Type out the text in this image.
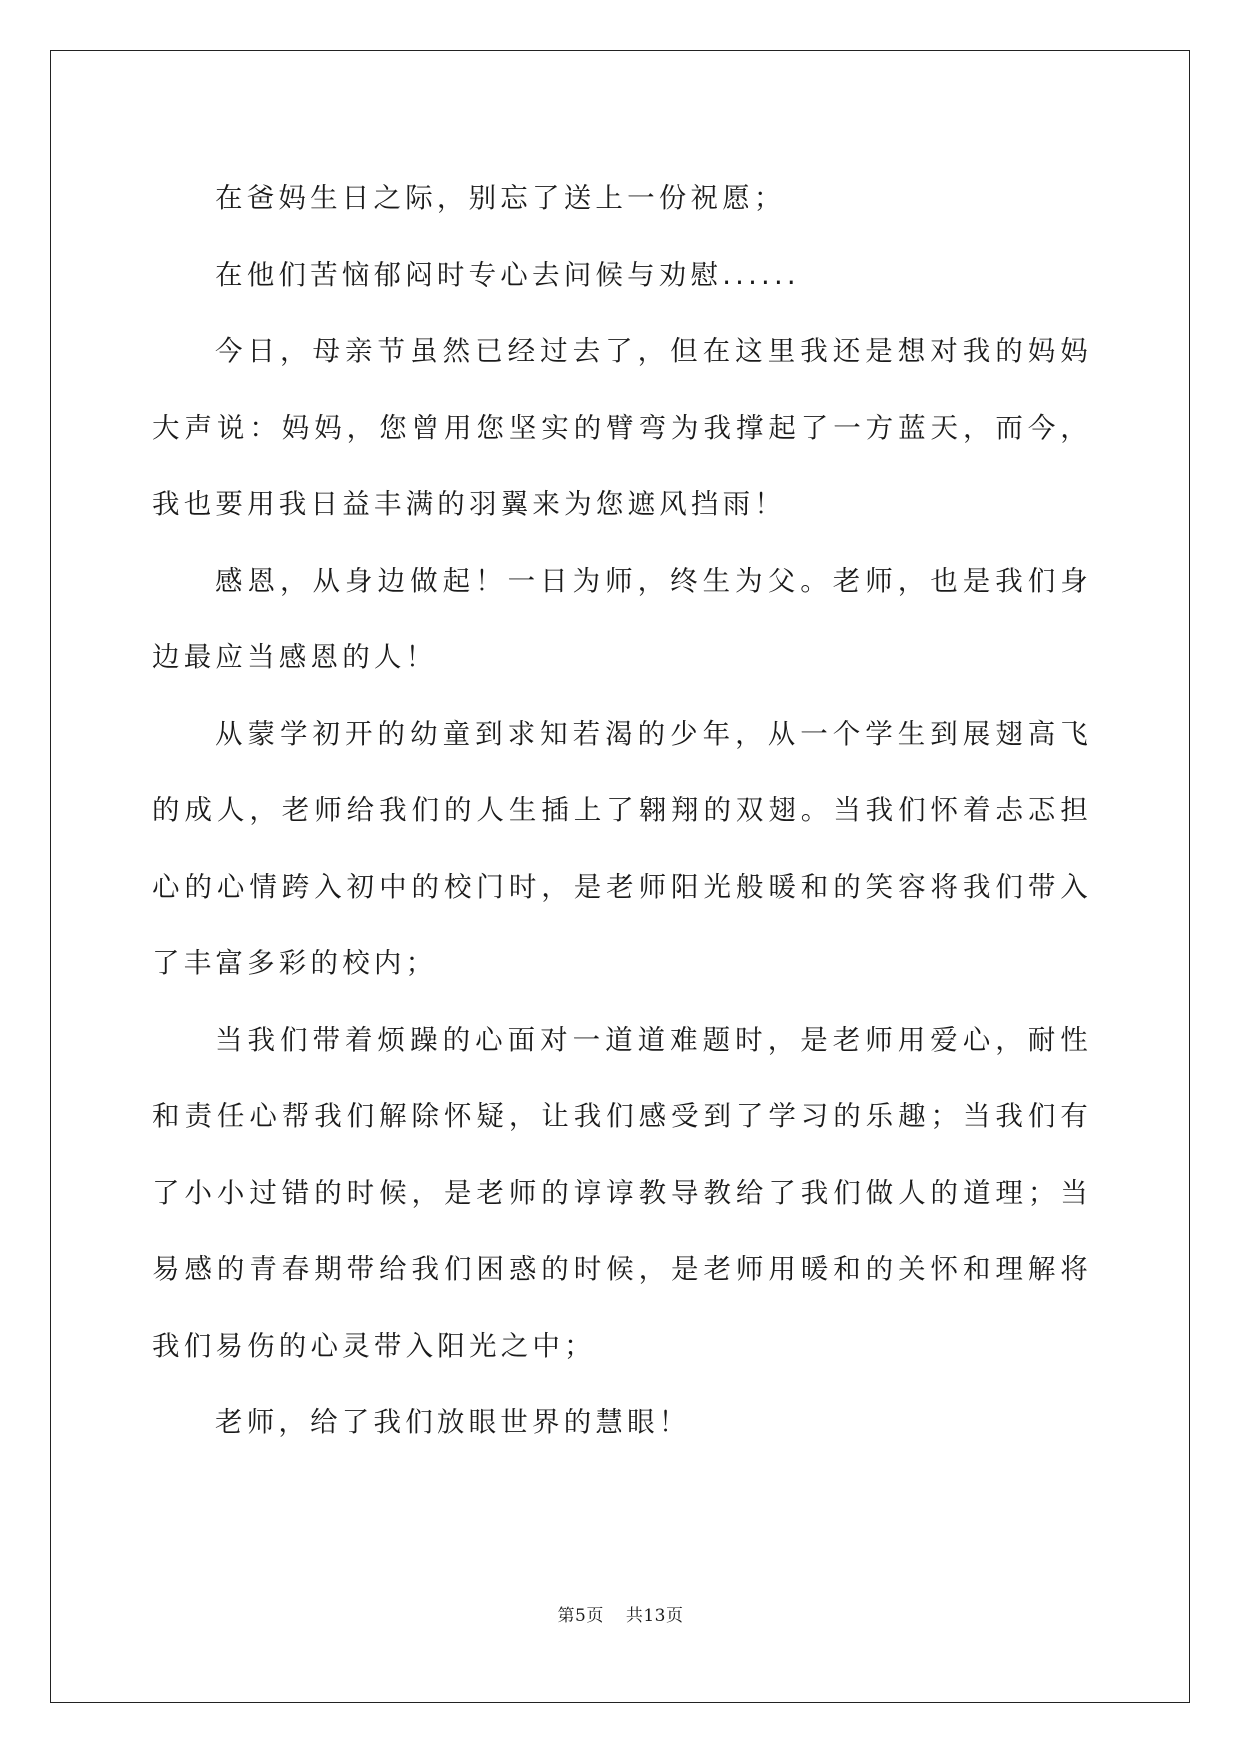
在爸妈生日之际，别忘了送上一份祝愿；

在他们苦恼郁闷时专心去问候与劝慰......

今日，母亲节虽然已经过去了，但在这里我还是想对我的妈妈大声说：妈妈，您曾用您坚实的臂弯为我撑起了一方蓝天，而今，我也要用我日益丰满的羽翼来为您遮风挡雨！

感恩，从身边做起！一日为师，终生为父。老师，也是我们身边最应当感恩的人！

从蒙学初开的幼童到求知若渴的少年，从一个学生到展翅高飞的成人，老师给我们的人生插上了翱翔的双翅。当我们怀着忐忑担心的心情跨入初中的校门时，是老师阳光般暖和的笑容将我们带入了丰富多彩的校内；

当我们带着烦躁的心面对一道道难题时，是老师用爱心，耐性和责任心帮我们解除怀疑，让我们感受到了学习的乐趣；当我们有了小小过错的时候，是老师的谆谆教导教给了我们做人的道理；当易感的青春期带给我们困惑的时候，是老师用暖和的关怀和理解将我们易伤的心灵带入阳光之中；

老师，给了我们放眼世界的慧眼！

第5页 共13页
